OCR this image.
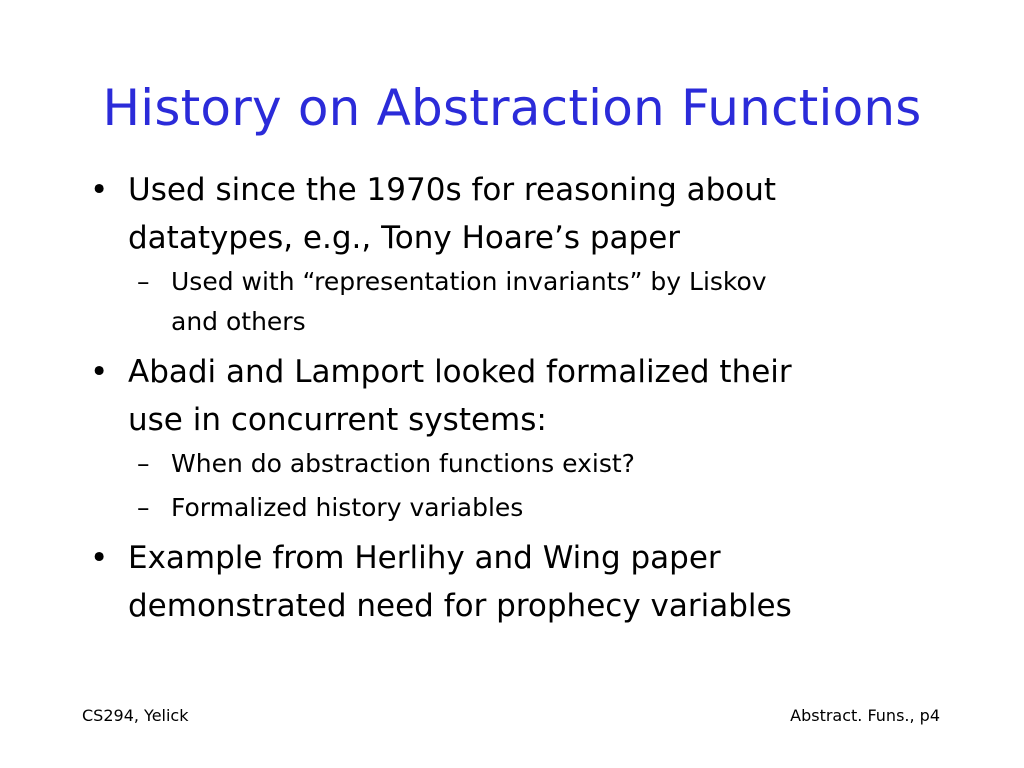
History on Abstraction Functions
• Used since the 1970s for reasoning about
datatypes, e.g., Tony Hoare’s paper
– Used with “representation invariants” by Liskov
and others
• Abadi and Lamport looked formalized their
use in concurrent systems:
– When do abstraction functions exist?
– Formalized history variables
• Example from Herlihy and Wing paper
demonstrated need for prophecy variables
CS294, Yelick	Abstract. Funs., p4
